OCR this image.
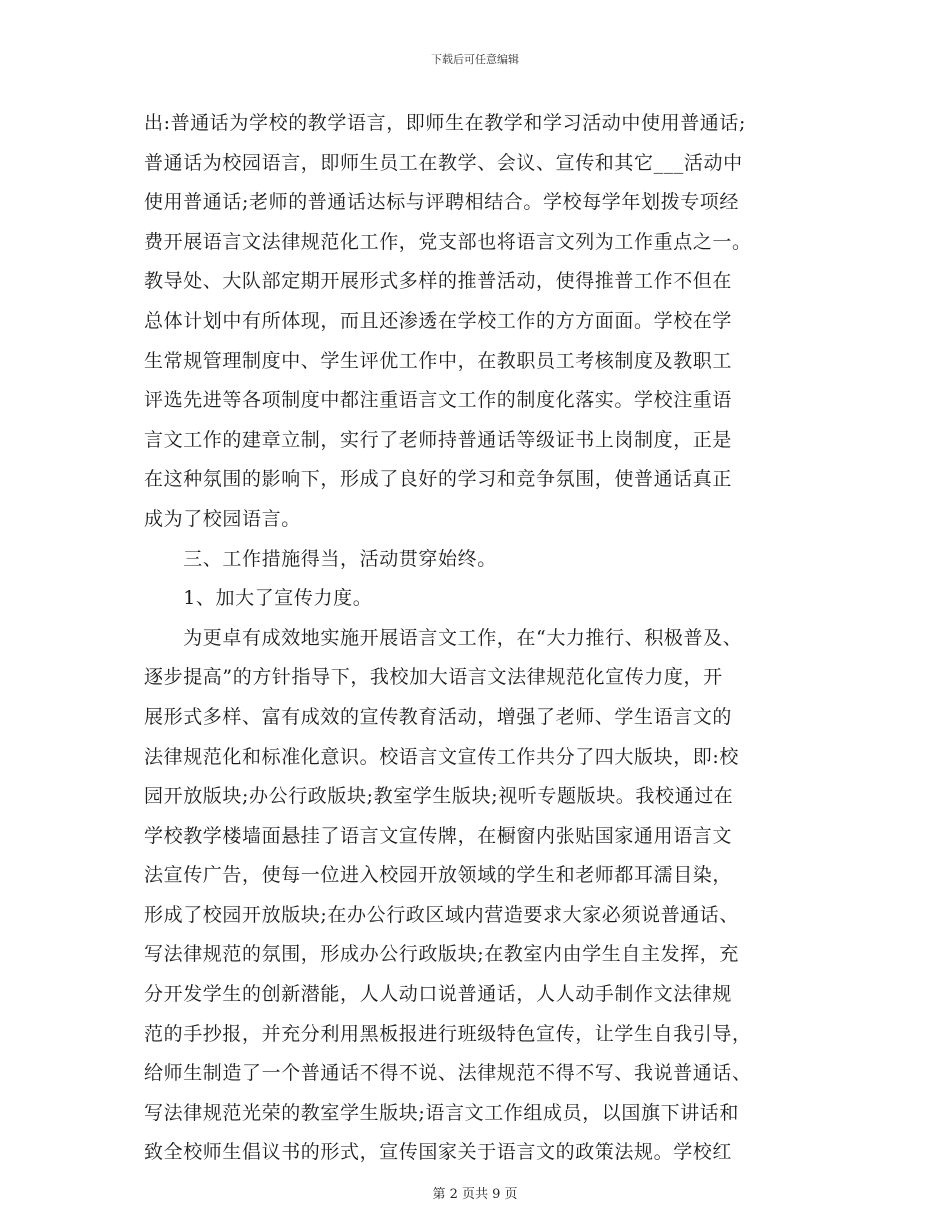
下载后可任意编辑
出:普通话为学校的教学语言，即师生在教学和学习活动中使用普通话;
普通话为校园语言，即师生员工在教学、会议、宣传和其它___活动中
使用普通话;老师的普通话达标与评聘相结合。学校每学年划拨专项经
费开展语言文法律规范化工作，党支部也将语言文列为工作重点之一。
教导处、大队部定期开展形式多样的推普活动，使得推普工作不但在
总体计划中有所体现，而且还渗透在学校工作的方方面面。学校在学
生常规管理制度中、学生评优工作中，在教职员工考核制度及教职工
评选先进等各项制度中都注重语言文工作的制度化落实。学校注重语
言文工作的建章立制，实行了老师持普通话等级证书上岗制度，正是
在这种氛围的影响下，形成了良好的学习和竞争氛围，使普通话真正
成为了校园语言。
　　三、工作措施得当，活动贯穿始终。
　　1、加大了宣传力度。
　　为更卓有成效地实施开展语言文工作，在“大力推行、积极普及、
逐步提高”的方针指导下，我校加大语言文法律规范化宣传力度，开
展形式多样、富有成效的宣传教育活动，增强了老师、学生语言文的
法律规范化和标准化意识。校语言文宣传工作共分了四大版块，即:校
园开放版块;办公行政版块;教室学生版块;视听专题版块。我校通过在
学校教学楼墙面悬挂了语言文宣传牌，在橱窗内张贴国家通用语言文
法宣传广告，使每一位进入校园开放领域的学生和老师都耳濡目染，
形成了校园开放版块;在办公行政区域内营造要求大家必须说普通话、
写法律规范的氛围，形成办公行政版块;在教室内由学生自主发挥，充
分开发学生的创新潜能，人人动口说普通话，人人动手制作文法律规
范的手抄报，并充分利用黑板报进行班级特色宣传，让学生自我引导，
给师生制造了一个普通话不得不说、法律规范不得不写、我说普通话、
写法律规范光荣的教室学生版块;语言文工作组成员，以国旗下讲话和
致全校师生倡议书的形式，宣传国家关于语言文的政策法规。学校红
第 2 页共 9 页
